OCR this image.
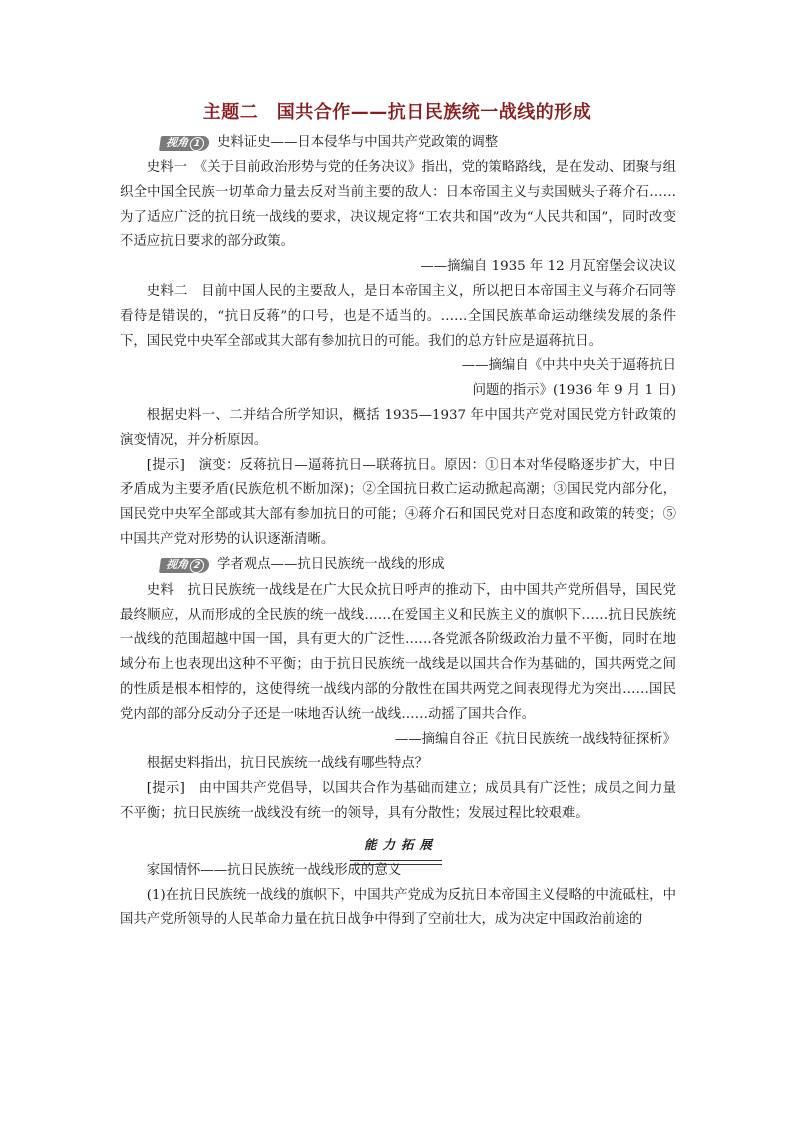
主题二　国共合作——抗日民族统一战线的形成
视角 1	史料证史——日本侵华与中国共产党政策的调整

史料一　《关于目前政治形势与党的任务决议》指出，党的策略路线，是在发动、团聚与组织全中国全民族一切革命力量去反对当前主要的敌人：日本帝国主义与卖国贼头子蒋介石……为了适应广泛的抗日统一战线的要求，决议规定将“工农共和国”改为“人民共和国”，同时改变不适应抗日要求的部分政策。

——摘编自 1935 年 12 月瓦窑堡会议决议

史料二　目前中国人民的主要敌人，是日本帝国主义，所以把日本帝国主义与蒋介石同等看待是错误的，“抗日反蒋”的口号，也是不适当的。……全国民族革命运动继续发展的条件下，国民党中央军全部或其大部有参加抗日的可能。我们的总方针应是逼蒋抗日。

——摘编自《中共中央关于逼蒋抗日

问题的指示》(1936 年 9 月 1 日)

根据史料一、二并结合所学知识，概括 1935—1937 年中国共产党对国民党方针政策的演变情况，并分析原因。

[提示]　演变：反蒋抗日—逼蒋抗日—联蒋抗日。原因：①日本对华侵略逐步扩大，中日矛盾成为主要矛盾(民族危机不断加深)；②全国抗日救亡运动掀起高潮；③国民党内部分化，国民党中央军全部或其大部有参加抗日的可能；④蒋介石和国民党对日态度和政策的转变；⑤中国共产党对形势的认识逐渐清晰。

视角 2	学者观点——抗日民族统一战线的形成

史料　抗日民族统一战线是在广大民众抗日呼声的推动下，由中国共产党所倡导，国民党最终顺应，从而形成的全民族的统一战线……在爱国主义和民族主义的旗帜下……抗日民族统一战线的范围超越中国一国，具有更大的广泛性……各党派各阶级政治力量不平衡，同时在地域分布上也表现出这种不平衡；由于抗日民族统一战线是以国共合作为基础的，国共两党之间的性质是根本相悖的，这使得统一战线内部的分散性在国共两党之间表现得尤为突出……国民党内部的部分反动分子还是一味地否认统一战线……动摇了国共合作。

——摘编自谷正《抗日民族统一战线特征探析》

根据史料指出，抗日民族统一战线有哪些特点？

[提示]　由中国共产党倡导，以国共合作为基础而建立；成员具有广泛性；成员之间力量不平衡；抗日民族统一战线没有统一的领导，具有分散性；发展过程比较艰难。

能力拓展

家国情怀——抗日民族统一战线形成的意义

(1)在抗日民族统一战线的旗帜下，中国共产党成为反抗日本帝国主义侵略的中流砥柱，中国共产党所领导的人民革命力量在抗日战争中得到了空前壮大，成为决定中国政治前途的
